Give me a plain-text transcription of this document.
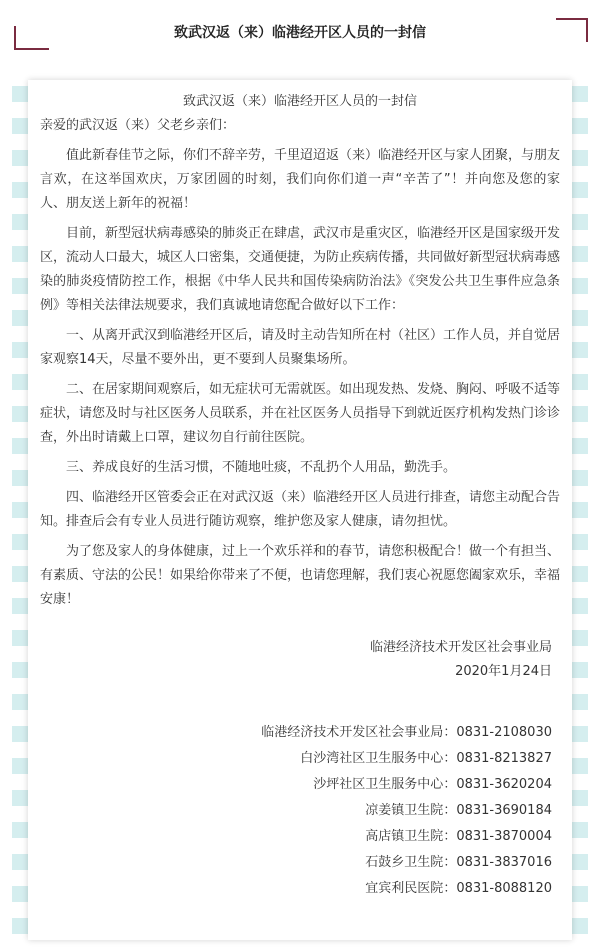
致武汉返（来）临港经开区人员的一封信

致武汉返（来）临港经开区人员的一封信

亲爱的武汉返（来）父老乡亲们：

值此新春佳节之际，你们不辞辛劳，千里迢迢返（来）临港经开区与家人团聚，与朋友言欢，在这举国欢庆，万家团圆的时刻，我们向你们道一声“辛苦了”！并向您及您的家人、朋友送上新年的祝福！

目前，新型冠状病毒感染的肺炎正在肆虐，武汉市是重灾区，临港经开区是国家级开发区，流动人口最大，城区人口密集，交通便捷，为防止疾病传播，共同做好新型冠状病毒感染的肺炎疫情防控工作，根据《中华人民共和国传染病防治法》《突发公共卫生事件应急条例》等相关法律法规要求，我们真诚地请您配合做好以下工作：

一、从离开武汉到临港经开区后，请及时主动告知所在村（社区）工作人员，并自觉居家观察14天，尽量不要外出，更不要到人员聚集场所。

二、在居家期间观察后，如无症状可无需就医。如出现发热、发烧、胸闷、呼吸不适等症状，请您及时与社区医务人员联系，并在社区医务人员指导下到就近医疗机构发热门诊诊查，外出时请戴上口罩，建议勿自行前往医院。

三、养成良好的生活习惯，不随地吐痰，不乱扔个人用品，勤洗手。

四、临港经开区管委会正在对武汉返（来）临港经开区人员进行排查，请您主动配合告知。排查后会有专业人员进行随访观察，维护您及家人健康，请勿担忧。

为了您及家人的身体健康，过上一个欢乐祥和的春节，请您积极配合！做一个有担当、有素质、守法的公民！如果给你带来了不便，也请您理解，我们衷心祝愿您阖家欢乐，幸福安康！

临港经济技术开发区社会事业局

2020年1月24日

临港经济技术开发区社会事业局：0831-2108030
白沙湾社区卫生服务中心：0831-8213827
沙坪社区卫生服务中心：0831-3620204
凉姜镇卫生院：0831-3690184
高店镇卫生院：0831-3870004
石鼓乡卫生院：0831-3837016
宜宾利民医院：0831-8088120
